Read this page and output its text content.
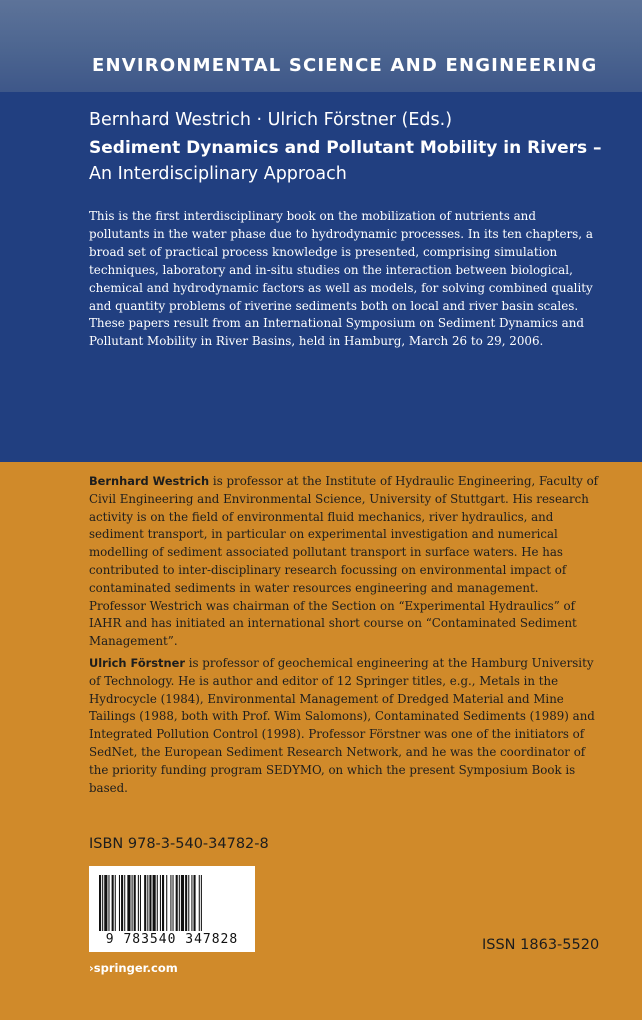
ENVIRONMENTAL SCIENCE AND ENGINEERING
Bernhard Westrich · Ulrich Förstner (Eds.)
Sediment Dynamics and Pollutant Mobility in Rivers –
An Interdisciplinary Approach

This is the first interdisciplinary book on the mobilization of nutrients and pollutants in the water phase due to hydrodynamic processes. In its ten chapters, a broad set of practical process knowledge is presented, comprising simulation techniques, laboratory and in-situ studies on the interaction between biological, chemical and hydrodynamic factors as well as models, for solving combined quality and quantity problems of riverine sediments both on local and river basin scales.

These papers result from an International Symposium on Sediment Dynamics and Pollutant Mobility in River Basins, held in Hamburg, March 26 to 29, 2006.

Bernhard Westrich is professor at the Institute of Hydraulic Engineering, Faculty of Civil Engineering and Environmental Science, University of Stuttgart. His research activity is on the field of environmental fluid mechanics, river hydraulics, and sediment transport, in particular on experimental investigation and numerical modelling of sediment associated pollutant transport in surface waters. He has contributed to inter-disciplinary research focussing on environmental impact of contaminated sediments in water resources engineering and management. Professor Westrich was chairman of the Section on “Experimental Hydraulics” of IAHR and has initiated an international short course on “Contaminated Sediment Management”.
Ulrich Förstner is professor of geochemical engineering at the Hamburg University of Technology. He is author and editor of 12 Springer titles, e.g., Metals in the Hydrocycle (1984), Environmental Management of Dredged Material and Mine Tailings (1988, both with Prof. Wim Salomons), Contaminated Sediments (1989) and Integrated Pollution Control (1998). Professor Förstner was one of the initiators of SedNet, the European Sediment Research Network, and he was the coordinator of the priority funding program SEDYMO, on which the present Symposium Book is based.
ISBN 978-3-540-34782-8
9 783540 347828	ISSN 1863-5520
›springer.com
